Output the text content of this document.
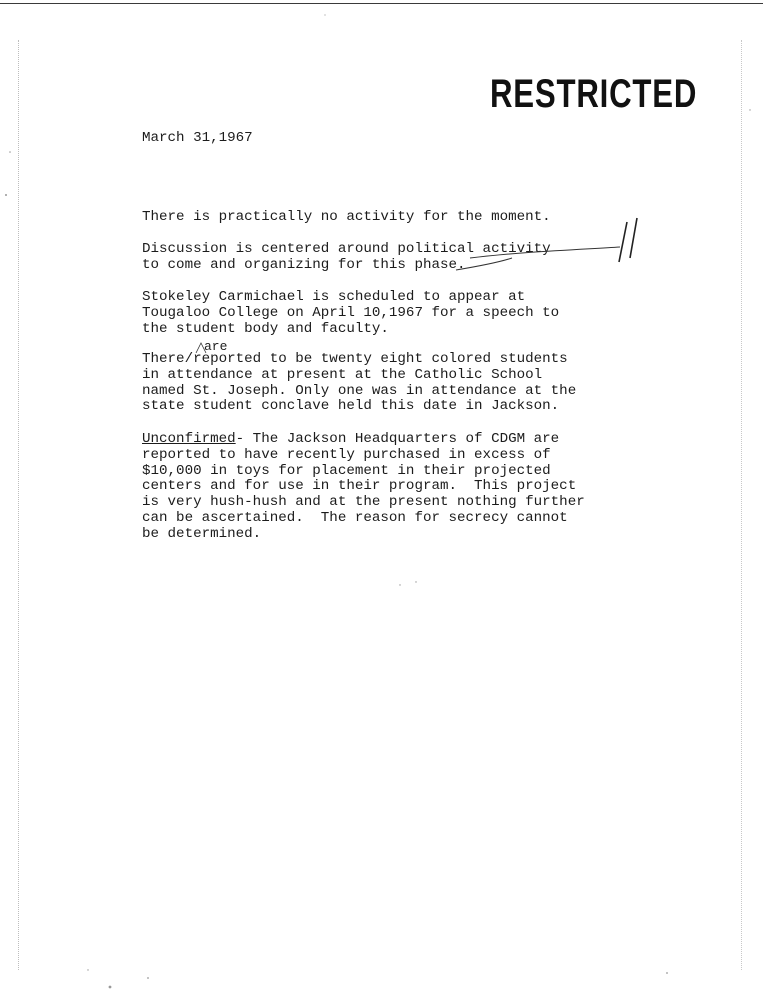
RESTRICTED
March 31,1967
There is practically no activity for the moment.
Discussion is centered around political activity
to come and organizing for this phase.
Stokeley Carmichael is scheduled to appear at
Tougaloo College on April 10,1967 for a speech to
the student body and faculty.
are
There/reported to be twenty eight colored students
in attendance at present at the Catholic School
named St. Joseph. Only one was in attendance at the
state student conclave held this date in Jackson.
Unconfirmed- The Jackson Headquarters of CDGM are
reported to have recently purchased in excess of
$10,000 in toys for placement in their projected
centers and for use in their program.  This project
is very hush-hush and at the present nothing further
can be ascertained.  The reason for secrecy cannot
be determined.
